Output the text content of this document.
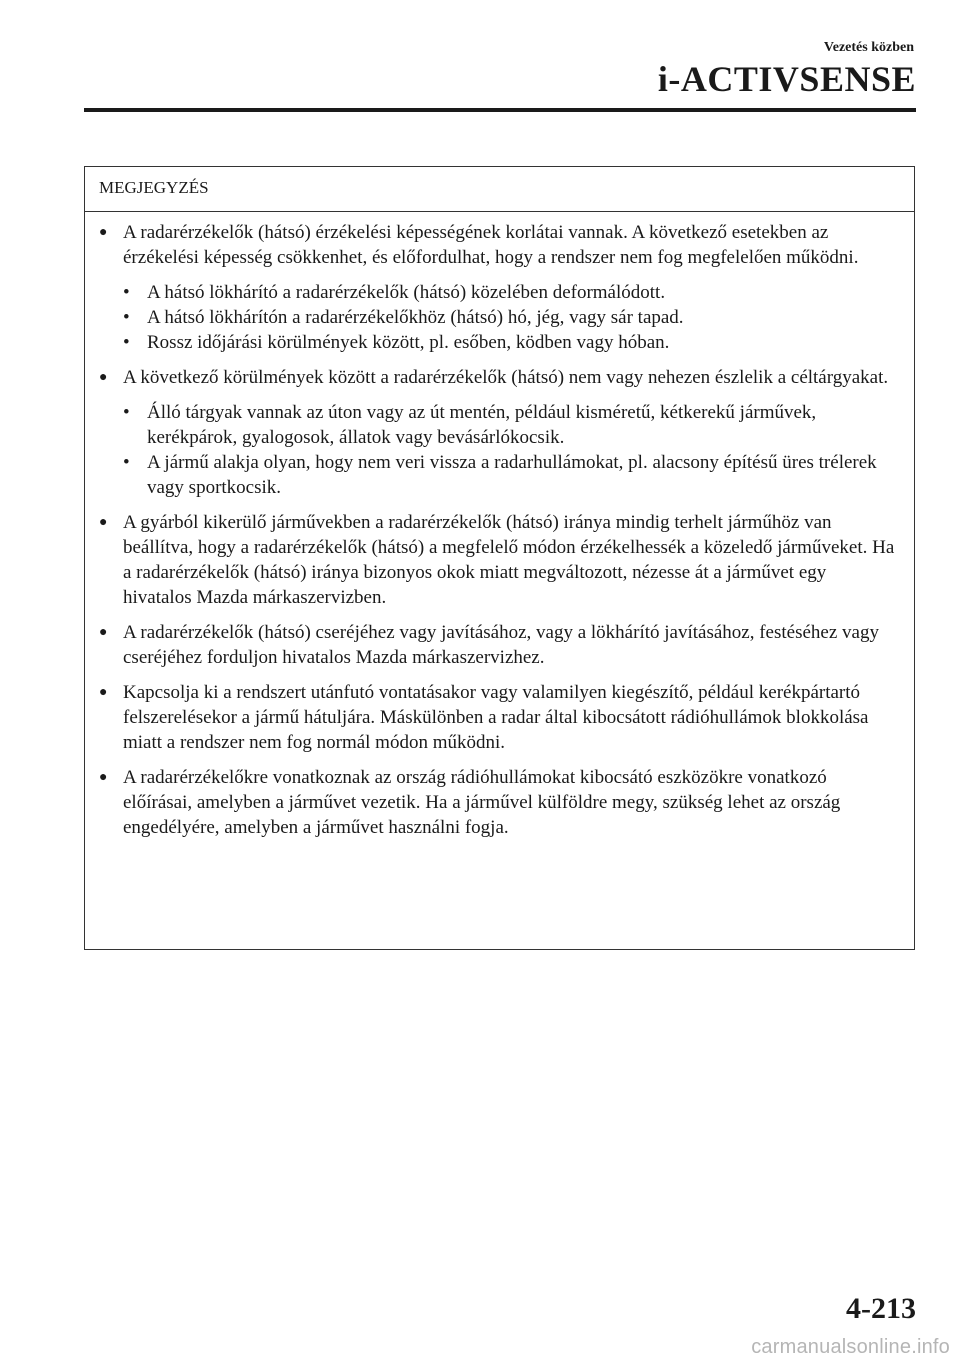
Vezetés közben
i-ACTIVSENSE
MEGJEGYZÉS
● A radarérzékelők (hátsó) érzékelési képességének korlátai vannak. A következő esetekben az érzékelési képesség csökkenhet, és előfordulhat, hogy a rendszer nem fog megfelelően működni.
• A hátsó lökhárító a radarérzékelők (hátsó) közelében deformálódott.
• A hátsó lökhárítón a radarérzékelőkhöz (hátsó) hó, jég, vagy sár tapad.
• Rossz időjárási körülmények között, pl. esőben, ködben vagy hóban.
● A következő körülmények között a radarérzékelők (hátsó) nem vagy nehezen észlelik a céltárgyakat.
• Álló tárgyak vannak az úton vagy az út mentén, például kisméretű, kétkerekű járművek, kerékpárok, gyalogosok, állatok vagy bevásárlókocsik.
• A jármű alakja olyan, hogy nem veri vissza a radarhullámokat, pl. alacsony építésű üres trélerek vagy sportkocsik.
● A gyárból kikerülő járművekben a radarérzékelők (hátsó) iránya mindig terhelt járműhöz van beállítva, hogy a radarérzékelők (hátsó) a megfelelő módon érzékelhessék a közeledő járműveket. Ha a radarérzékelők (hátsó) iránya bizonyos okok miatt megváltozott, nézesse át a járművet egy hivatalos Mazda márkaszervizben.
● A radarérzékelők (hátsó) cseréjéhez vagy javításához, vagy a lökhárító javításához, festéséhez vagy cseréjéhez forduljon hivatalos Mazda márkaszervizhez.
● Kapcsolja ki a rendszert utánfutó vontatásakor vagy valamilyen kiegészítő, például kerékpártartó felszerelésekor a jármű hátuljára. Máskülönben a radar által kibocsátott rádióhullámok blokkolása miatt a rendszer nem fog normál módon működni.
● A radarérzékelőkre vonatkoznak az ország rádióhullámokat kibocsátó eszközökre vonatkozó előírásai, amelyben a járművet vezetik. Ha a járművel külföldre megy, szükség lehet az ország engedélyére, amelyben a járművet használni fogja.
4-213
carmanualsonline.info
